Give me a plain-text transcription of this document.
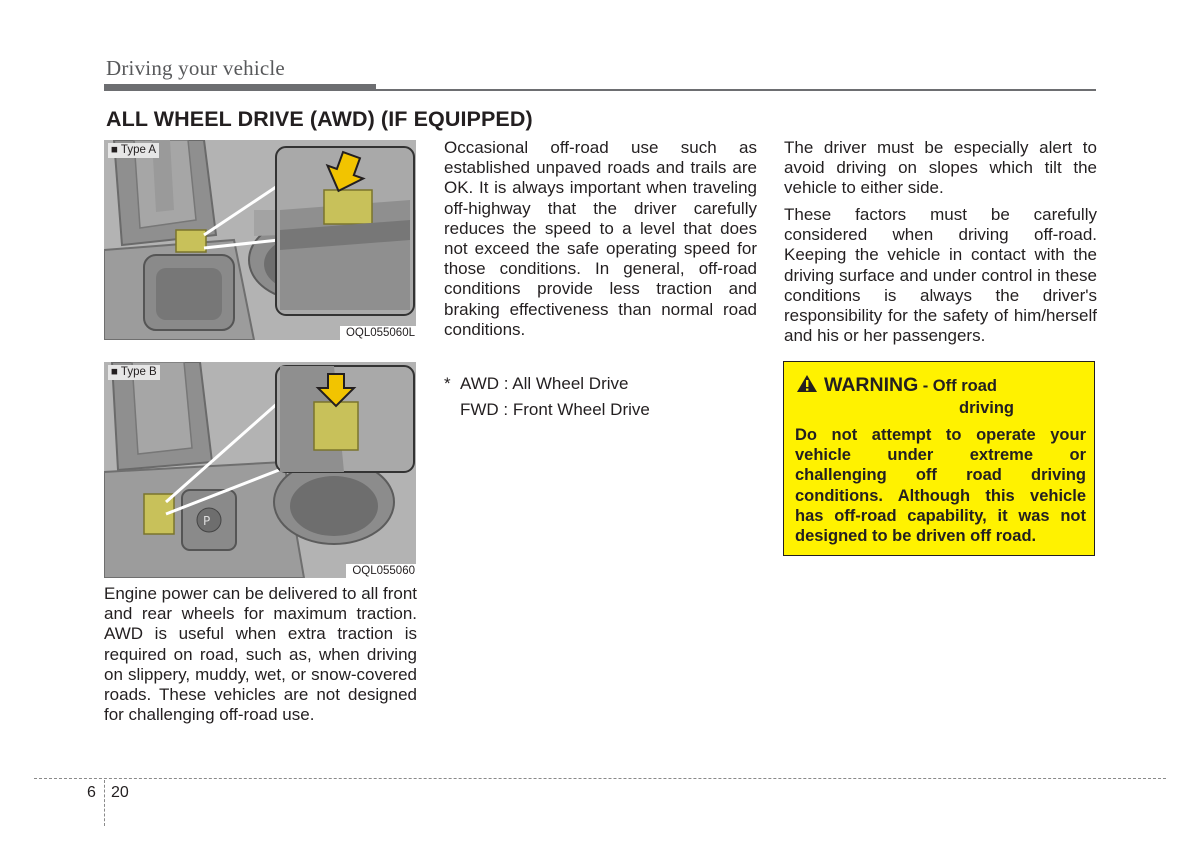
Driving your vehicle
ALL WHEEL DRIVE (AWD) (IF EQUIPPED)
■ Type A
OQL055060L
P
■ Type B
OQL055060

Engine power can be delivered to all front and rear wheels for maximum traction. AWD is useful when extra traction is required on road, such as, when driving on slippery, muddy, wet, or snow-covered roads. These vehicles are not designed for challenging off-road use.

Occasional off-road use such as established unpaved roads and trails are OK. It is always important when traveling off-highway that the driver carefully reduces the speed to a level that does not exceed the safe operating speed for those conditions. In general, off-road conditions provide less traction and braking effectiveness than normal road conditions.

* AWD : All Wheel Drive
FWD : Front Wheel Drive

The driver must be especially alert to avoid driving on slopes which tilt the vehicle to either side.

These factors must be carefully considered when driving off-road. Keeping the vehicle in contact with the driving surface and under control in these conditions is always the driver's responsibility for the safety of him/herself and his or her passengers.

WARNING - Off road
driving

Do not attempt to operate your vehicle under extreme or challenging off road driving conditions. Although this vehicle has off-road capability, it was not designed to be driven off road.

6 20
